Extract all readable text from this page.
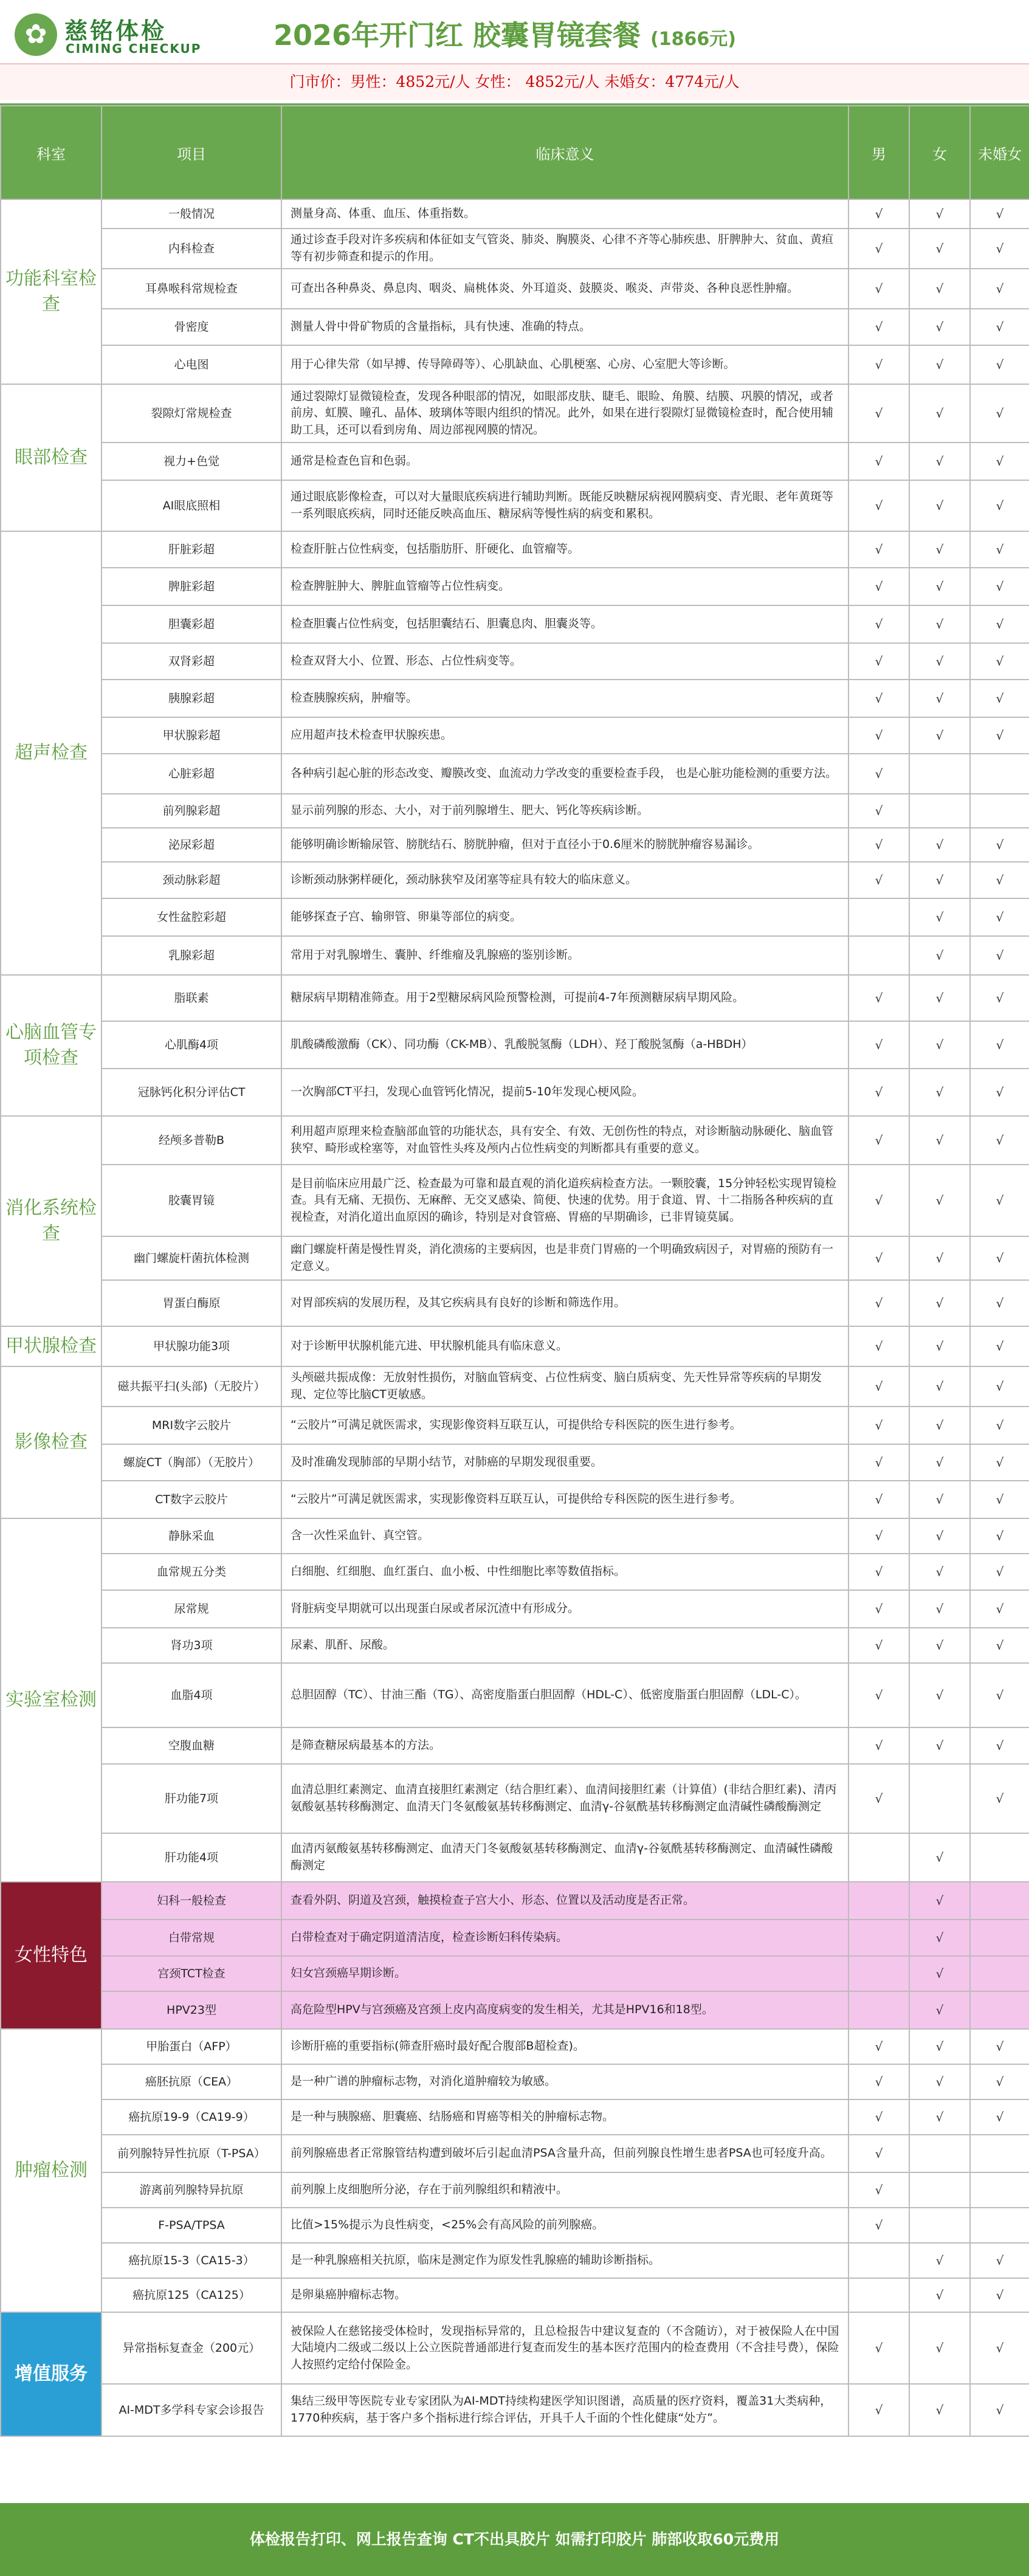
✿ 慈铭体检
CIMING CHECKUP	2026年开门红 胶囊胃镜套餐 (1866元)
门市价：男性：4852元/人 女性： 4852元/人 未婚女：4774元/人
科室	项目	临床意义	男	女	未婚女
功能科室检查	一般情况	测量身高、体重、血压、体重指数。	√	√	√
	内科检查	通过诊查手段对许多疾病和体征如支气管炎、肺炎、胸膜炎、心律不齐等心肺疾患、肝脾肿大、贫血、黄疸等有初步筛查和提示的作用。	√	√	√
	耳鼻喉科常规检查	可查出各种鼻炎、鼻息肉、咽炎、扁桃体炎、外耳道炎、鼓膜炎、喉炎、声带炎、各种良恶性肿瘤。	√	√	√
	骨密度	测量人骨中骨矿物质的含量指标，具有快速、准确的特点。	√	√	√
	心电图	用于心律失常（如早搏、传导障碍等）、心肌缺血、心肌梗塞、心房、心室肥大等诊断。	√	√	√
眼部检查	裂隙灯常规检查	通过裂隙灯显微镜检查，发现各种眼部的情况，如眼部皮肤、睫毛、眼睑、角膜、结膜、巩膜的情况，或者前房、虹膜、瞳孔、晶体、玻璃体等眼内组织的情况。此外，如果在进行裂隙灯显微镜检查时，配合使用辅助工具，还可以看到房角、周边部视网膜的情况。	√	√	√
	视力+色觉	通常是检查色盲和色弱。	√	√	√
	AI眼底照相	通过眼底影像检查，可以对大量眼底疾病进行辅助判断。既能反映糖尿病视网膜病变、青光眼、老年黄斑等一系列眼底疾病，同时还能反映高血压、糖尿病等慢性病的病变和累积。	√	√	√
超声检查	肝脏彩超	检查肝脏占位性病变，包括脂肪肝、肝硬化、血管瘤等。	√	√	√
	脾脏彩超	检查脾脏肿大、脾脏血管瘤等占位性病变。	√	√	√
	胆囊彩超	检查胆囊占位性病变，包括胆囊结石、胆囊息肉、胆囊炎等。	√	√	√
	双肾彩超	检查双肾大小、位置、形态、占位性病变等。	√	√	√
	胰腺彩超	检查胰腺疾病，肿瘤等。	√	√	√
	甲状腺彩超	应用超声技术检查甲状腺疾患。	√	√	√
	心脏彩超	各种病引起心脏的形态改变、瓣膜改变、血流动力学改变的重要检查手段， 也是心脏功能检测的重要方法。	√		
	前列腺彩超	显示前列腺的形态、大小，对于前列腺增生、肥大、钙化等疾病诊断。	√		
	泌尿彩超	能够明确诊断输尿管、膀胱结石、膀胱肿瘤，但对于直径小于0.6厘米的膀胱肿瘤容易漏诊。	√	√	√
	颈动脉彩超	诊断颈动脉粥样硬化，颈动脉狭窄及闭塞等症具有较大的临床意义。	√	√	√
	女性盆腔彩超	能够探查子宫、输卵管、卵巢等部位的病变。		√	√
	乳腺彩超	常用于对乳腺增生、囊肿、纤维瘤及乳腺癌的鉴别诊断。		√	√
心脑血管专项检查	脂联素	糖尿病早期精准筛查。用于2型糖尿病风险预警检测，可提前4-7年预测糖尿病早期风险。	√	√	√
	心肌酶4项	肌酸磷酸激酶（CK）、同功酶（CK-MB）、乳酸脱氢酶（LDH）、羟丁酸脱氢酶（a-HBDH）	√	√	√
	冠脉钙化积分评估CT	一次胸部CT平扫，发现心血管钙化情况，提前5-10年发现心梗风险。	√	√	√
消化系统检查	经颅多普勒B	利用超声原理来检查脑部血管的功能状态，具有安全、有效、无创伤性的特点，对诊断脑动脉硬化、脑血管狭窄、畸形或栓塞等，对血管性头疼及颅内占位性病变的判断都具有重要的意义。	√	√	√
	胶囊胃镜	是目前临床应用最广泛、检查最为可靠和最直观的消化道疾病检查方法。一颗胶囊，15分钟轻松实现胃镜检查。具有无痛、无损伤、无麻醉、无交叉感染、简便、快速的优势。用于食道、胃、十二指肠各种疾病的直视检查，对消化道出血原因的确诊，特别是对食管癌、胃癌的早期确诊，已非胃镜莫属。	√	√	√
	幽门螺旋杆菌抗体检测	幽门螺旋杆菌是慢性胃炎，消化溃疡的主要病因，也是非贲门胃癌的一个明确致病因子，对胃癌的预防有一定意义。	√	√	√
	胃蛋白酶原	对胃部疾病的发展历程，及其它疾病具有良好的诊断和筛选作用。	√	√	√
甲状腺检查	甲状腺功能3项	对于诊断甲状腺机能亢进、甲状腺机能具有临床意义。	√	√	√
影像检查	磁共振平扫(头部)（无胶片）	头颅磁共振成像：无放射性损伤，对脑血管病变、占位性病变、脑白质病变、先天性异常等疾病的早期发现、定位等比脑CT更敏感。	√	√	√
	MRI数字云胶片	“云胶片”可满足就医需求，实现影像资料互联互认，可提供给专科医院的医生进行参考。	√	√	√
	螺旋CT（胸部）（无胶片）	及时准确发现肺部的早期小结节，对肺癌的早期发现很重要。	√	√	√
	CT数字云胶片	“云胶片”可满足就医需求，实现影像资料互联互认，可提供给专科医院的医生进行参考。	√	√	√
实验室检测	静脉采血	含一次性采血针、真空管。	√	√	√
	血常规五分类	白细胞、红细胞、血红蛋白、血小板、中性细胞比率等数值指标。	√	√	√
	尿常规	肾脏病变早期就可以出现蛋白尿或者尿沉渣中有形成分。	√	√	√
	肾功3项	尿素、肌酐、尿酸。	√	√	√
	血脂4项	总胆固醇（TC）、甘油三酯（TG）、高密度脂蛋白胆固醇（HDL-C）、低密度脂蛋白胆固醇（LDL-C）。	√	√	√
	空腹血糖	是筛查糖尿病最基本的方法。	√	√	√
	肝功能7项	血清总胆红素测定、血清直接胆红素测定（结合胆红素）、血清间接胆红素（计算值）(非结合胆红素)、清丙氨酸氨基转移酶测定、血清天门冬氨酸氨基转移酶测定、血清γ-谷氨酰基转移酶测定血清碱性磷酸酶测定	√		√
	肝功能4项	血清丙氨酸氨基转移酶测定、血清天门冬氨酸氨基转移酶测定、血清γ-谷氨酰基转移酶测定、血清碱性磷酸酶测定		√	
女性特色	妇科一般检查	查看外阴、阴道及宫颈，触摸检查子宫大小、形态、位置以及活动度是否正常。		√	
	白带常规	白带检查对于确定阴道清洁度，检查诊断妇科传染病。		√	
	宫颈TCT检查	妇女宫颈癌早期诊断。		√	
	HPV23型	高危险型HPV与宫颈癌及宫颈上皮内高度病变的发生相关，尤其是HPV16和18型。		√	
肿瘤检测	甲胎蛋白（AFP）	诊断肝癌的重要指标(筛查肝癌时最好配合腹部B超检查)。	√	√	√
	癌胚抗原（CEA）	是一种广谱的肿瘤标志物，对消化道肿瘤较为敏感。	√	√	√
	癌抗原19-9（CA19-9）	是一种与胰腺癌、胆囊癌、结肠癌和胃癌等相关的肿瘤标志物。	√	√	√
	前列腺特异性抗原（T-PSA）	前列腺癌患者正常腺管结构遭到破坏后引起血清PSA含量升高，但前列腺良性增生患者PSA也可轻度升高。	√		
	游离前列腺特异抗原	前列腺上皮细胞所分泌，存在于前列腺组织和精液中。	√		
	F-PSA/TPSA	比值>15%提示为良性病变，<25%会有高风险的前列腺癌。	√		
	癌抗原15-3（CA15-3）	是一种乳腺癌相关抗原，临床是测定作为原发性乳腺癌的辅助诊断指标。		√	√
	癌抗原125（CA125）	是卵巢癌肿瘤标志物。		√	√
增值服务	异常指标复查金（200元）	被保险人在慈铭接受体检时，发现指标异常的，且总检报告中建议复查的（不含随访），对于被保险人在中国大陆境内二级或二级以上公立医院普通部进行复查而发生的基本医疗范围内的检查费用（不含挂号费），保险人按照约定给付保险金。	√	√	√
	AI-MDT多学科专家会诊报告	集结三级甲等医院专业专家团队为AI-MDT持续构建医学知识图谱，高质量的医疗资料，覆盖31大类病种，1770种疾病，基于客户多个指标进行综合评估，开具千人千面的个性化健康“处方”。	√	√	√
体检报告打印、网上报告查询 CT不出具胶片 如需打印胶片 肺部收取60元费用
